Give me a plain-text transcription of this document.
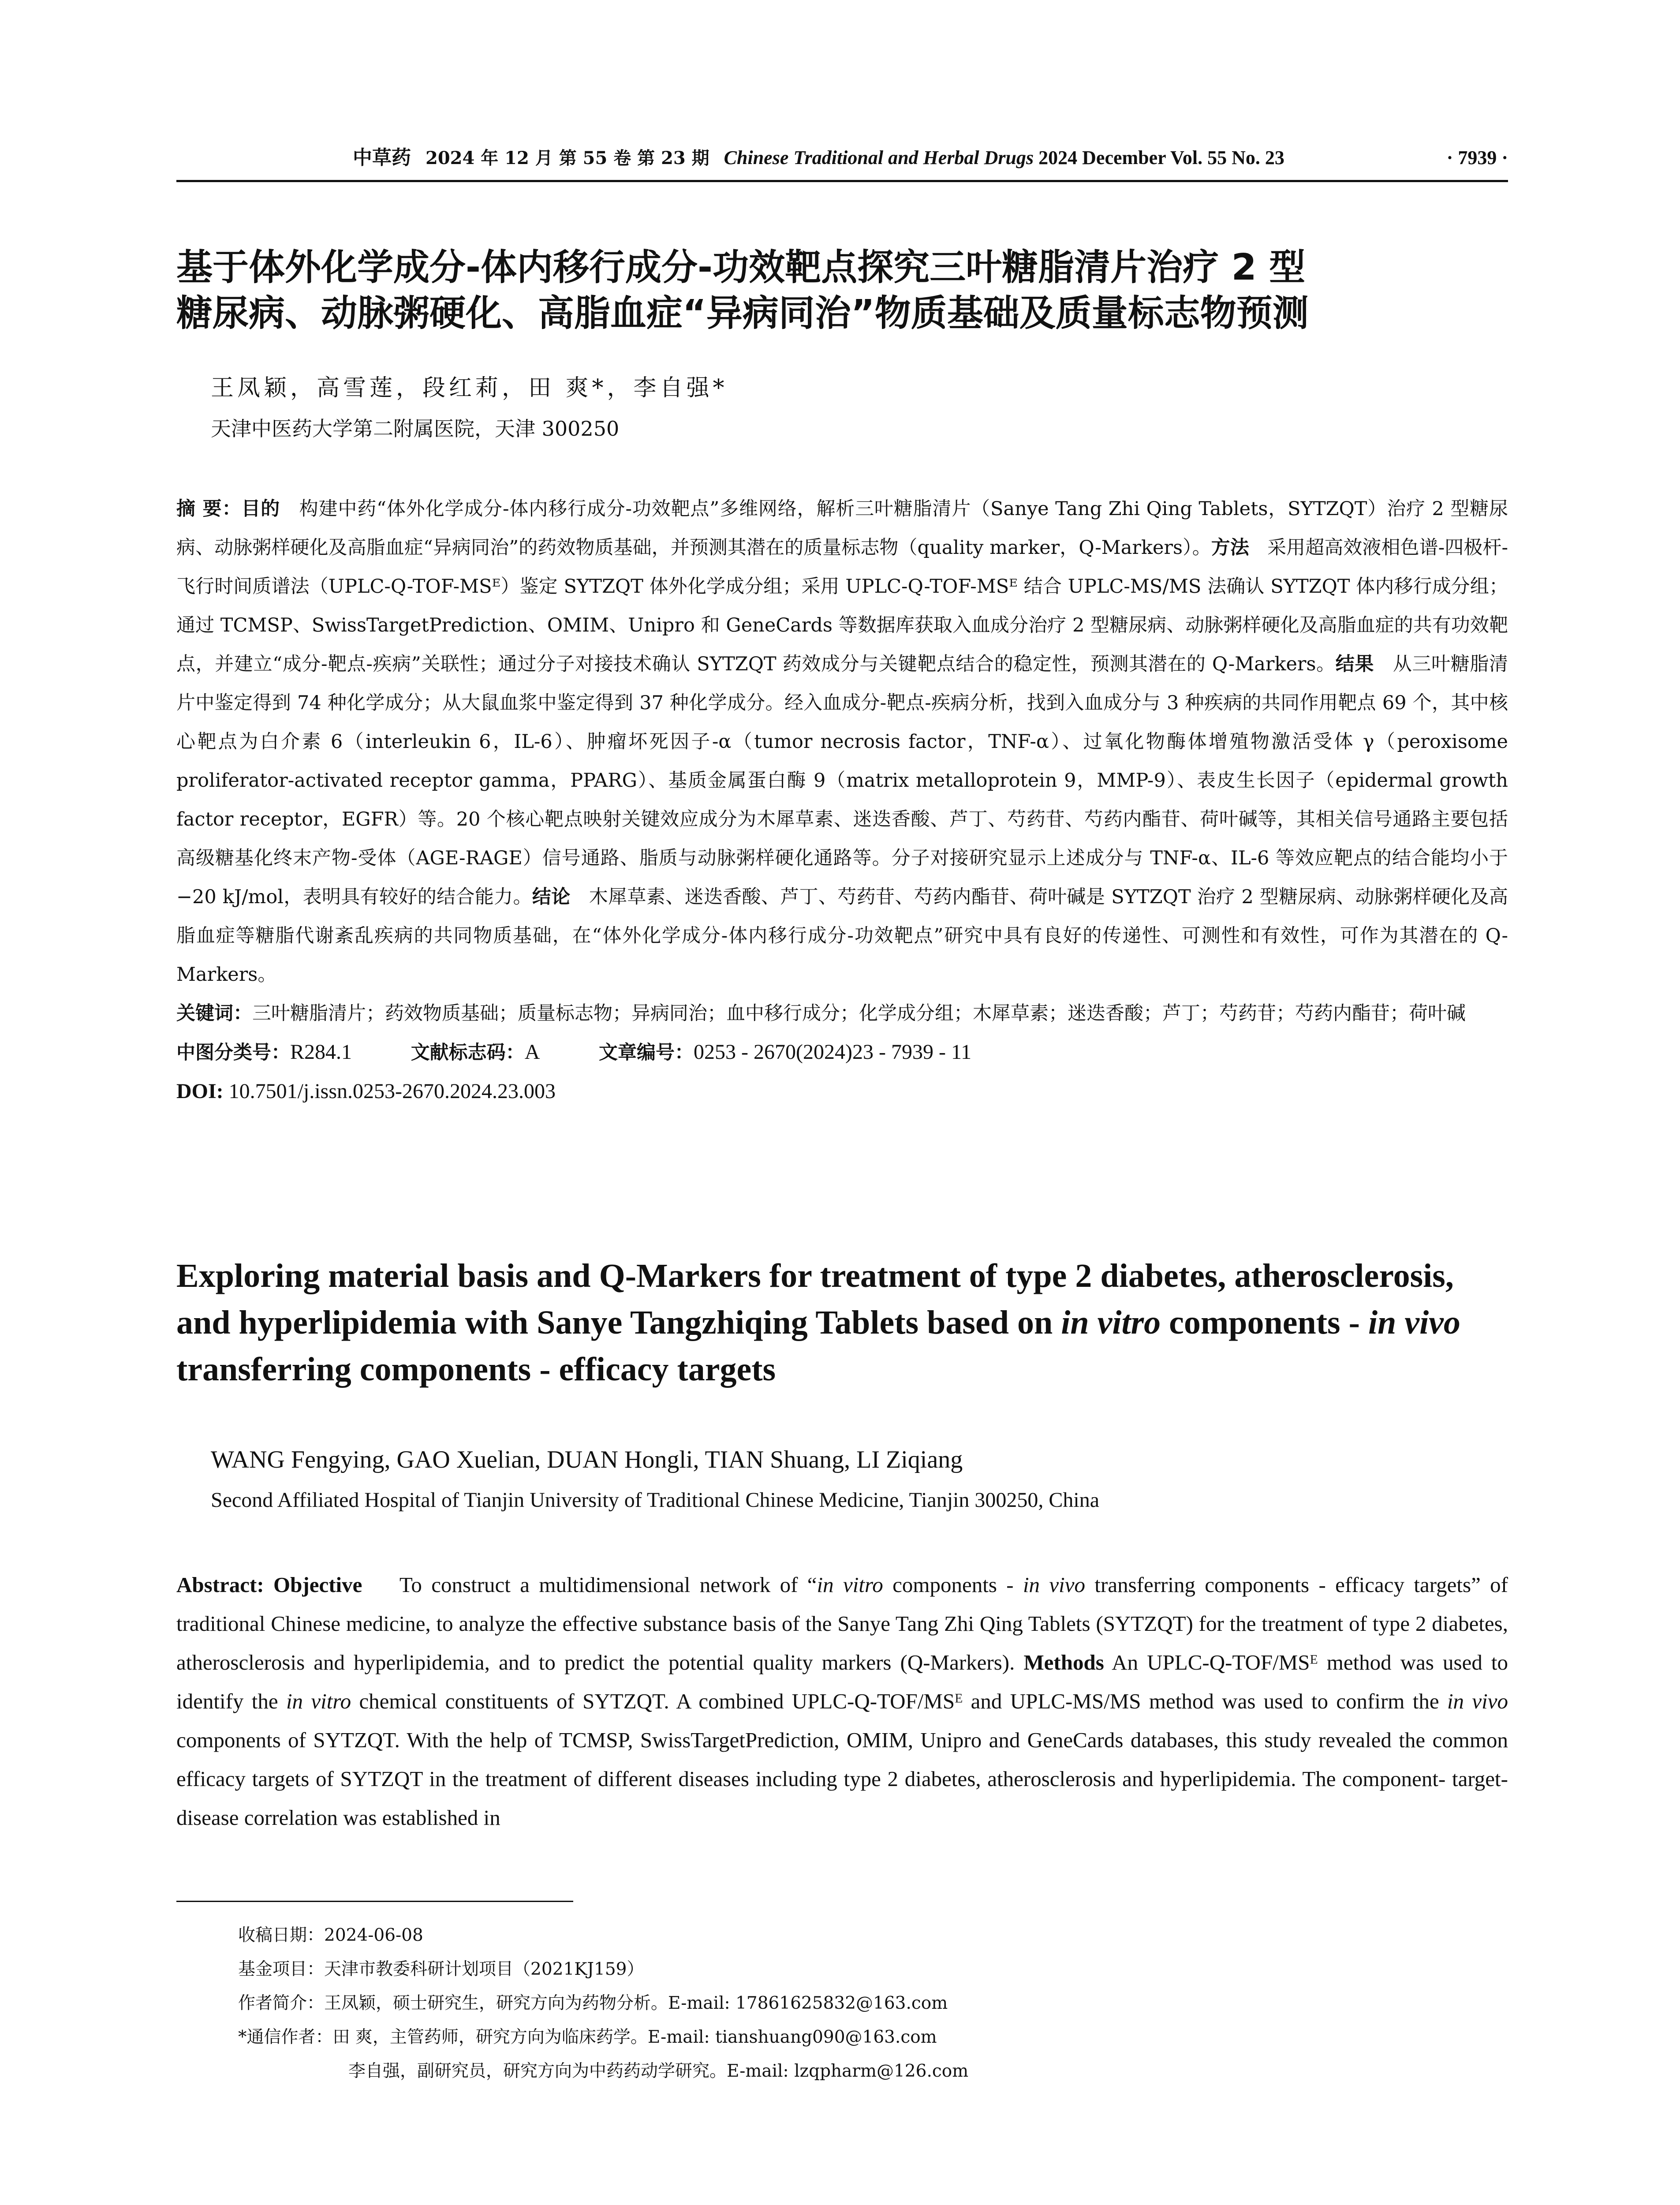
中草药 2024 年 12 月 第 55 卷 第 23 期 Chinese Traditional and Herbal Drugs 2024 December Vol. 55 No. 23	· 7939 ·
基于体外化学成分-体内移行成分-功效靶点探究三叶糖脂清片治疗 2 型
糖尿病、动脉粥硬化、高脂血症“异病同治”物质基础及质量标志物预测
王凤颖，高雪莲，段红莉，田 爽*，李自强*
天津中医药大学第二附属医院，天津 300250

摘 要：目的 构建中药“体外化学成分-体内移行成分-功效靶点”多维网络，解析三叶糖脂清片（Sanye Tang Zhi Qing Tablets，SYTZQT）治疗 2 型糖尿病、动脉粥样硬化及高脂血症“异病同治”的药效物质基础，并预测其潜在的质量标志物（quality marker，Q-Markers）。方法 采用超高效液相色谱-四极杆-飞行时间质谱法（UPLC-Q-TOF-MSᴱ）鉴定 SYTZQT 体外化学成分组；采用 UPLC-Q-TOF-MSᴱ 结合 UPLC-MS/MS 法确认 SYTZQT 体内移行成分组；通过 TCMSP、SwissTargetPrediction、OMIM、Unipro 和 GeneCards 等数据库获取入血成分治疗 2 型糖尿病、动脉粥样硬化及高脂血症的共有功效靶点，并建立“成分-靶点-疾病”关联性；通过分子对接技术确认 SYTZQT 药效成分与关键靶点结合的稳定性，预测其潜在的 Q-Markers。结果 从三叶糖脂清片中鉴定得到 74 种化学成分；从大鼠血浆中鉴定得到 37 种化学成分。经入血成分-靶点-疾病分析，找到入血成分与 3 种疾病的共同作用靶点 69 个，其中核心靶点为白介素 6（interleukin 6，IL-6）、肿瘤坏死因子-α（tumor necrosis factor，TNF-α）、过氧化物酶体增殖物激活受体 γ（peroxisome proliferator-activated receptor gamma，PPARG）、基质金属蛋白酶 9（matrix metalloprotein 9，MMP-9）、表皮生长因子（epidermal growth factor receptor，EGFR）等。20 个核心靶点映射关键效应成分为木犀草素、迷迭香酸、芦丁、芍药苷、芍药内酯苷、荷叶碱等，其相关信号通路主要包括高级糖基化终末产物-受体（AGE-RAGE）信号通路、脂质与动脉粥样硬化通路等。分子对接研究显示上述成分与 TNF-α、IL-6 等效应靶点的结合能均小于−20 kJ/mol，表明具有较好的结合能力。结论 木犀草素、迷迭香酸、芦丁、芍药苷、芍药内酯苷、荷叶碱是 SYTZQT 治疗 2 型糖尿病、动脉粥样硬化及高脂血症等糖脂代谢紊乱疾病的共同物质基础，在“体外化学成分-体内移行成分-功效靶点”研究中具有良好的传递性、可测性和有效性，可作为其潜在的 Q-Markers。

关键词：三叶糖脂清片；药效物质基础；质量标志物；异病同治；血中移行成分；化学成分组；木犀草素；迷迭香酸；芦丁；芍药苷；芍药内酯苷；荷叶碱

中图分类号：R284.1	文献标志码：A	文章编号：0253 - 2670(2024)23 - 7939 - 11
DOI: 10.7501/j.issn.0253-2670.2024.23.003
Exploring material basis and Q-Markers for treatment of type 2 diabetes, atherosclerosis, and hyperlipidemia with Sanye Tangzhiqing Tablets based on in vitro components - in vivo transferring components - efficacy targets
WANG Fengying, GAO Xuelian, DUAN Hongli, TIAN Shuang, LI Ziqiang
Second Affiliated Hospital of Tianjin University of Traditional Chinese Medicine, Tianjin 300250, China
Abstract: Objective To construct a multidimensional network of “in vitro components - in vivo transferring components - efficacy targets” of traditional Chinese medicine, to analyze the effective substance basis of the Sanye Tang Zhi Qing Tablets (SYTZQT) for the treatment of type 2 diabetes, atherosclerosis and hyperlipidemia, and to predict the potential quality markers (Q-Markers). Methods An UPLC-Q-TOF/MSᴱ method was used to identify the in vitro chemical constituents of SYTZQT. A combined UPLC-Q-TOF/MSᴱ and UPLC-MS/MS method was used to confirm the in vivo components of SYTZQT. With the help of TCMSP, SwissTargetPrediction, OMIM, Unipro and GeneCards databases, this study revealed the common efficacy targets of SYTZQT in the treatment of different diseases including type 2 diabetes, atherosclerosis and hyperlipidemia. The component- target- disease correlation was established in
收稿日期：2024-06-08
基金项目：天津市教委科研计划项目（2021KJ159）
作者简介：王凤颖，硕士研究生，研究方向为药物分析。E-mail: 17861625832@163.com
*通信作者：田 爽，主管药师，研究方向为临床药学。E-mail: tianshuang090@163.com
李自强，副研究员，研究方向为中药药动学研究。E-mail: lzqpharm@126.com
